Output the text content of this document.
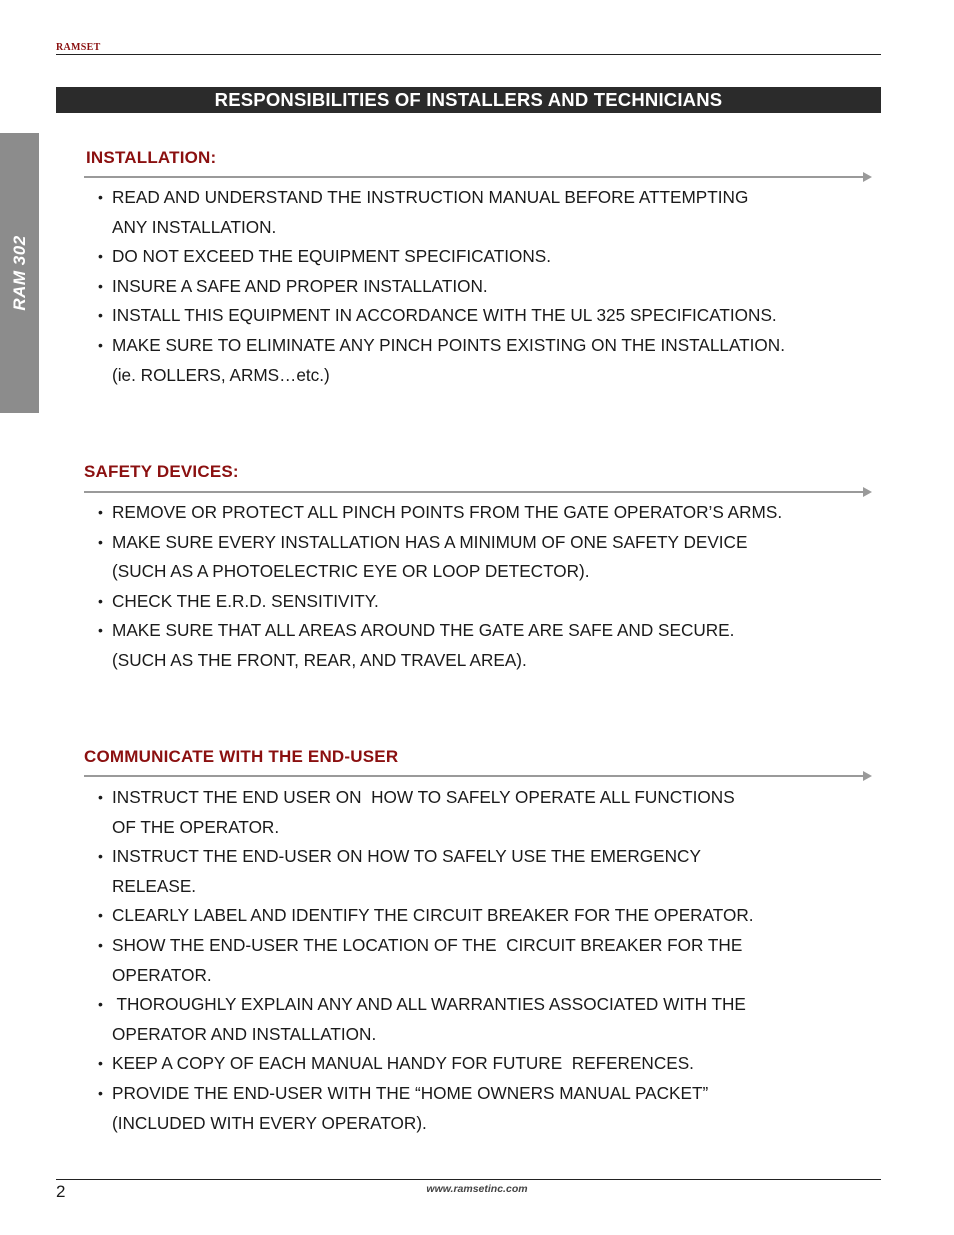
RAMSET
RESPONSIBILITIES OF INSTALLERS AND TECHNICIANS
RAM 302
INSTALLATION:
• READ AND UNDERSTAND THE INSTRUCTION MANUAL BEFORE ATTEMPTING
ANY INSTALLATION.
• DO NOT EXCEED THE EQUIPMENT SPECIFICATIONS.
• INSURE A SAFE AND PROPER INSTALLATION.
• INSTALL THIS EQUIPMENT IN ACCORDANCE WITH THE UL 325 SPECIFICATIONS.
• MAKE SURE TO ELIMINATE ANY PINCH POINTS EXISTING ON THE INSTALLATION.
(ie. ROLLERS, ARMS…etc.)
SAFETY DEVICES:
• REMOVE OR PROTECT ALL PINCH POINTS FROM THE GATE OPERATOR’S ARMS.
• MAKE SURE EVERY INSTALLATION HAS A MINIMUM OF ONE SAFETY DEVICE
(SUCH AS A PHOTOELECTRIC EYE OR LOOP DETECTOR).
• CHECK THE E.R.D. SENSITIVITY.
• MAKE SURE THAT ALL AREAS AROUND THE GATE ARE SAFE AND SECURE.
(SUCH AS THE FRONT, REAR, AND TRAVEL AREA).
COMMUNICATE WITH THE END-USER
• INSTRUCT THE END USER ON  HOW TO SAFELY OPERATE ALL FUNCTIONS
OF THE OPERATOR.
• INSTRUCT THE END-USER ON HOW TO SAFELY USE THE EMERGENCY
RELEASE.
• CLEARLY LABEL AND IDENTIFY THE CIRCUIT BREAKER FOR THE OPERATOR.
• SHOW THE END-USER THE LOCATION OF THE  CIRCUIT BREAKER FOR THE
OPERATOR.
• THOROUGHLY EXPLAIN ANY AND ALL WARRANTIES ASSOCIATED WITH THE
OPERATOR AND INSTALLATION.
• KEEP A COPY OF EACH MANUAL HANDY FOR FUTURE  REFERENCES.
• PROVIDE THE END-USER WITH THE “HOME OWNERS MANUAL PACKET”
(INCLUDED WITH EVERY OPERATOR).
2	www.ramsetinc.com
